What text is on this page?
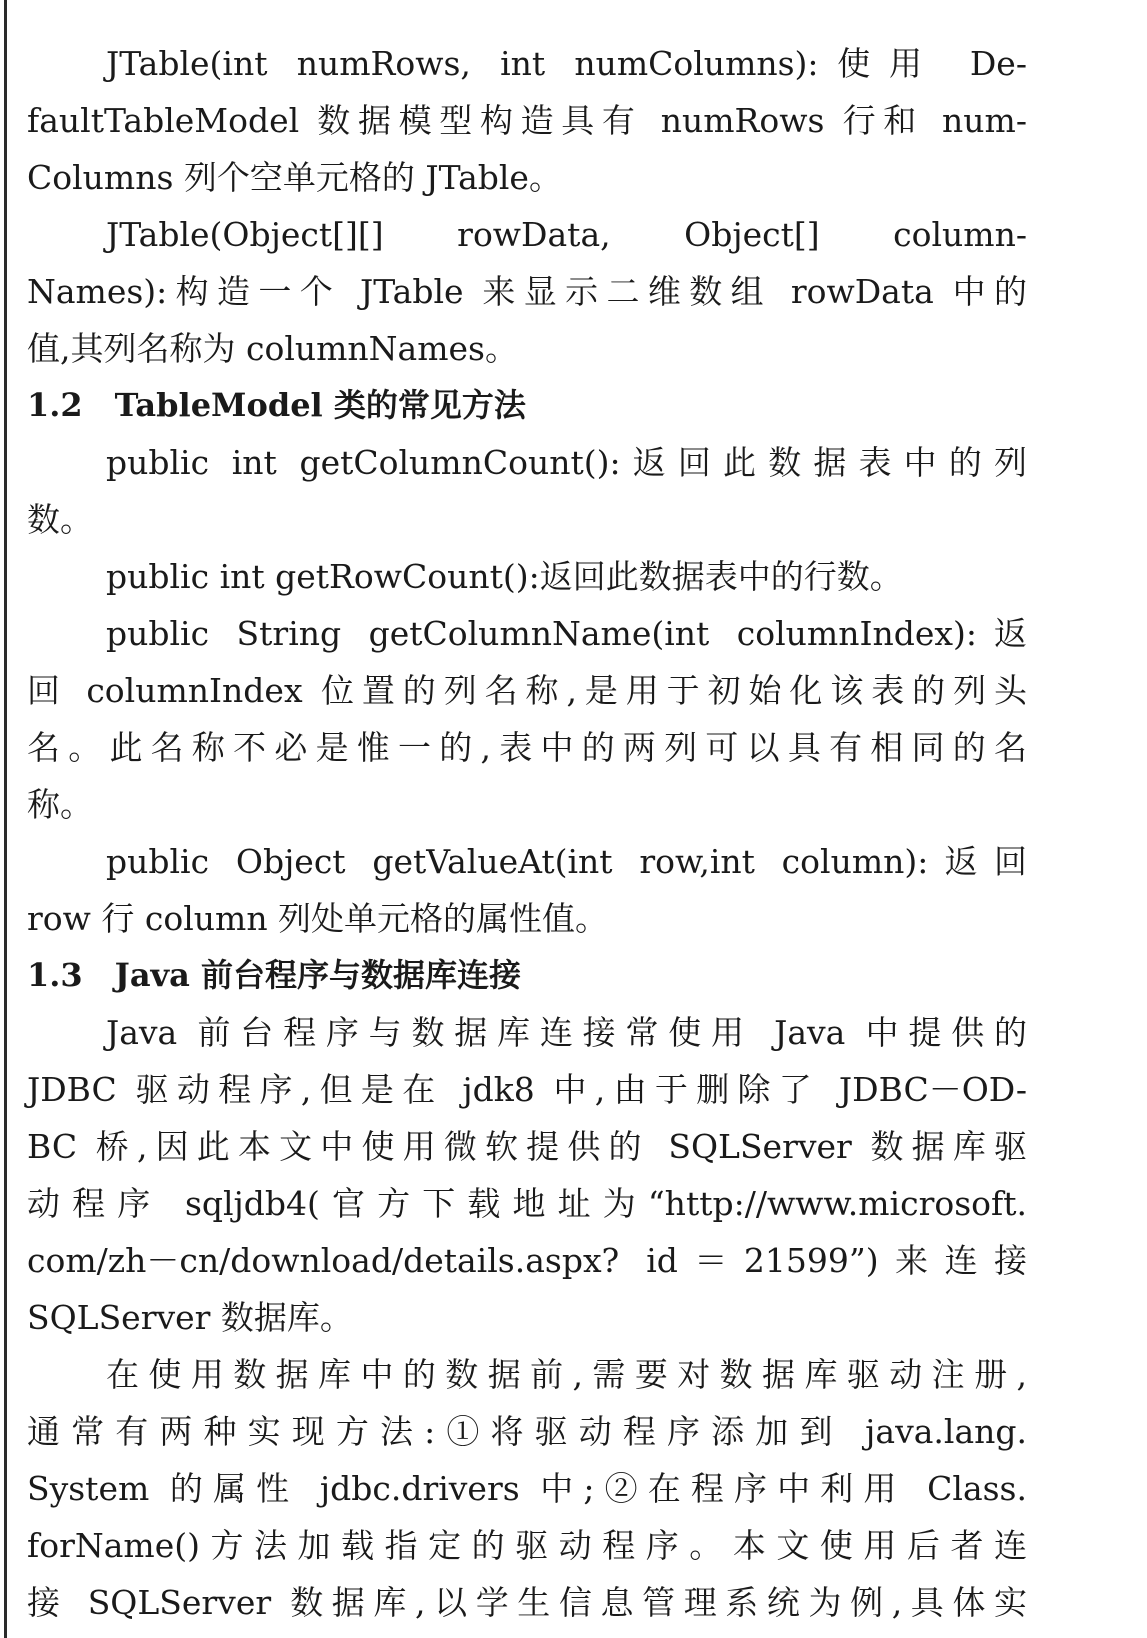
JTable(int numRows, int numColumns):使用 De-
faultTableModel 数据模型构造具有 numRows 行和 num-
Columns 列个空单元格的 JTable。
JTable(Object[][] rowData, Object[] column-
Names):构造一个 JTable 来显示二维数组 rowData 中的
值,其列名称为 columnNames。
1.2　TableModel 类的常见方法
public int getColumnCount():返回此数据表中的列
数。
public int getRowCount():返回此数据表中的行数。
public String getColumnName(int columnIndex):返
回 columnIndex 位置的列名称,是用于初始化该表的列头
名。此名称不必是惟一的,表中的两列可以具有相同的名
称。
public Object getValueAt(int row,int column):返回
row 行 column 列处单元格的属性值。
1.3　Java 前台程序与数据库连接
Java 前台程序与数据库连接常使用 Java 中提供的
JDBC 驱动程序,但是在 jdk8 中,由于删除了 JDBC－OD-
BC 桥,因此本文中使用微软提供的 SQLServer 数据库驱
动程序 sqljdb4(官方下载地址为“http://www.microsoft.
com/zh－cn/download/details.aspx? id＝21599”)来连接
SQLServer 数据库。
在使用数据库中的数据前,需要对数据库驱动注册,
通常有两种实现方法:①将驱动程序添加到 java.lang.
System 的属性 jdbc.drivers 中;②在程序中利用 Class.
forName()方法加载指定的驱动程序。本文使用后者连
接 SQLServer 数据库,以学生信息管理系统为例,具体实
